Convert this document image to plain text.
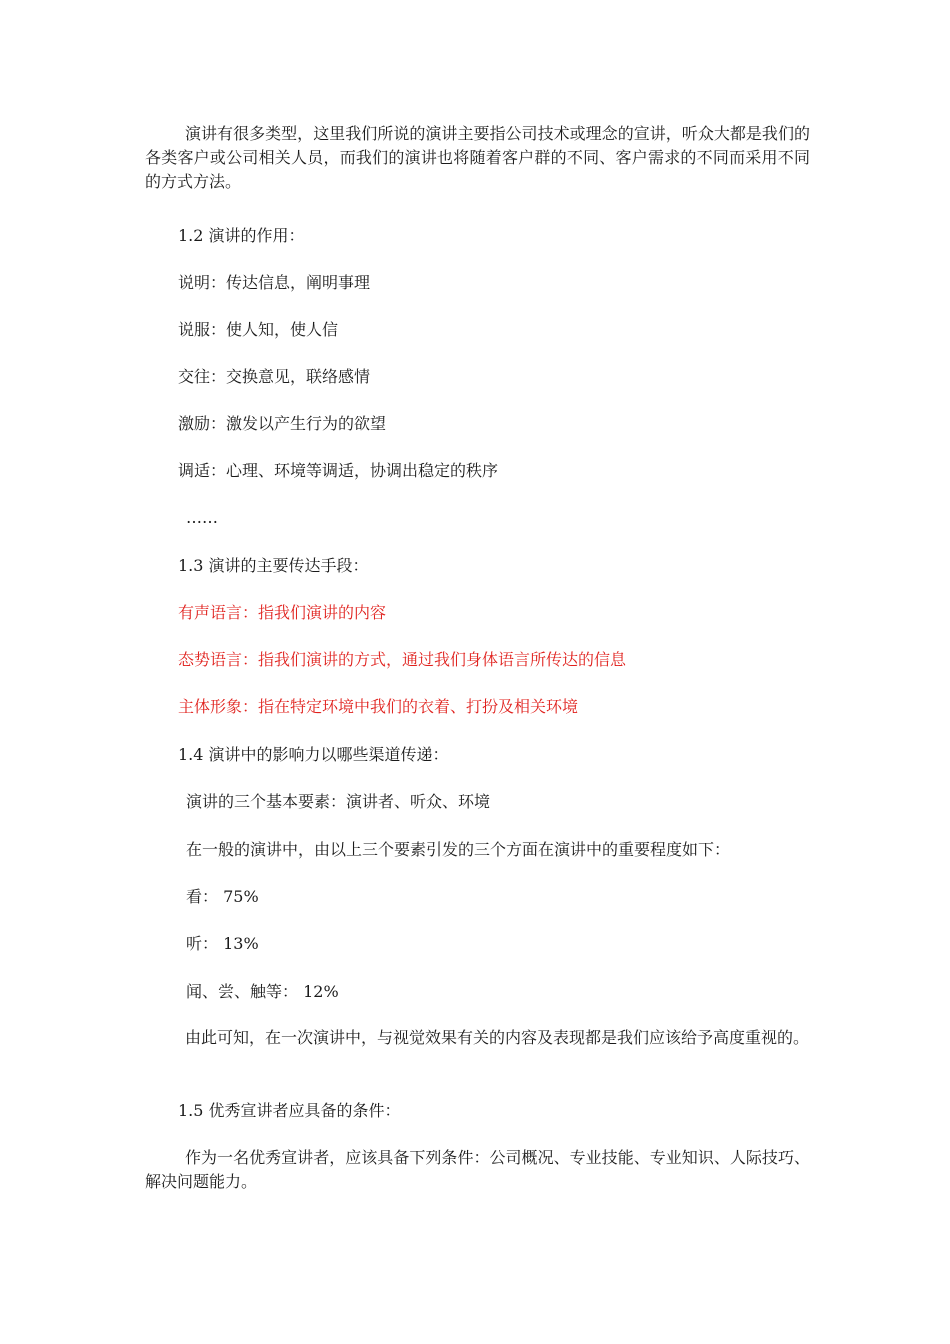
演讲有很多类型，这里我们所说的演讲主要指公司技术或理念的宣讲，听众大都是我们的各类客户或公司相关人员，而我们的演讲也将随着客户群的不同、客户需求的不同而采用不同的方式方法。

1.2 演讲的作用：
说明：传达信息，阐明事理
说服：使人知，使人信
交往：交换意见，联络感情
激励：激发以产生行为的欲望
调适：心理、环境等调适，协调出稳定的秩序
……
1.3 演讲的主要传达手段：
有声语言：指我们演讲的内容
态势语言：指我们演讲的方式，通过我们身体语言所传达的信息
主体形象：指在特定环境中我们的衣着、打扮及相关环境
1.4 演讲中的影响力以哪些渠道传递：
演讲的三个基本要素：演讲者、听众、环境
在一般的演讲中，由以上三个要素引发的三个方面在演讲中的重要程度如下：
看： 75%
听： 13%
闻、尝、触等： 12%

由此可知，在一次演讲中，与视觉效果有关的内容及表现都是我们应该给予高度重视的。

1.5 优秀宣讲者应具备的条件：

作为一名优秀宣讲者，应该具备下列条件：公司概况、专业技能、专业知识、人际技巧、解决问题能力。
